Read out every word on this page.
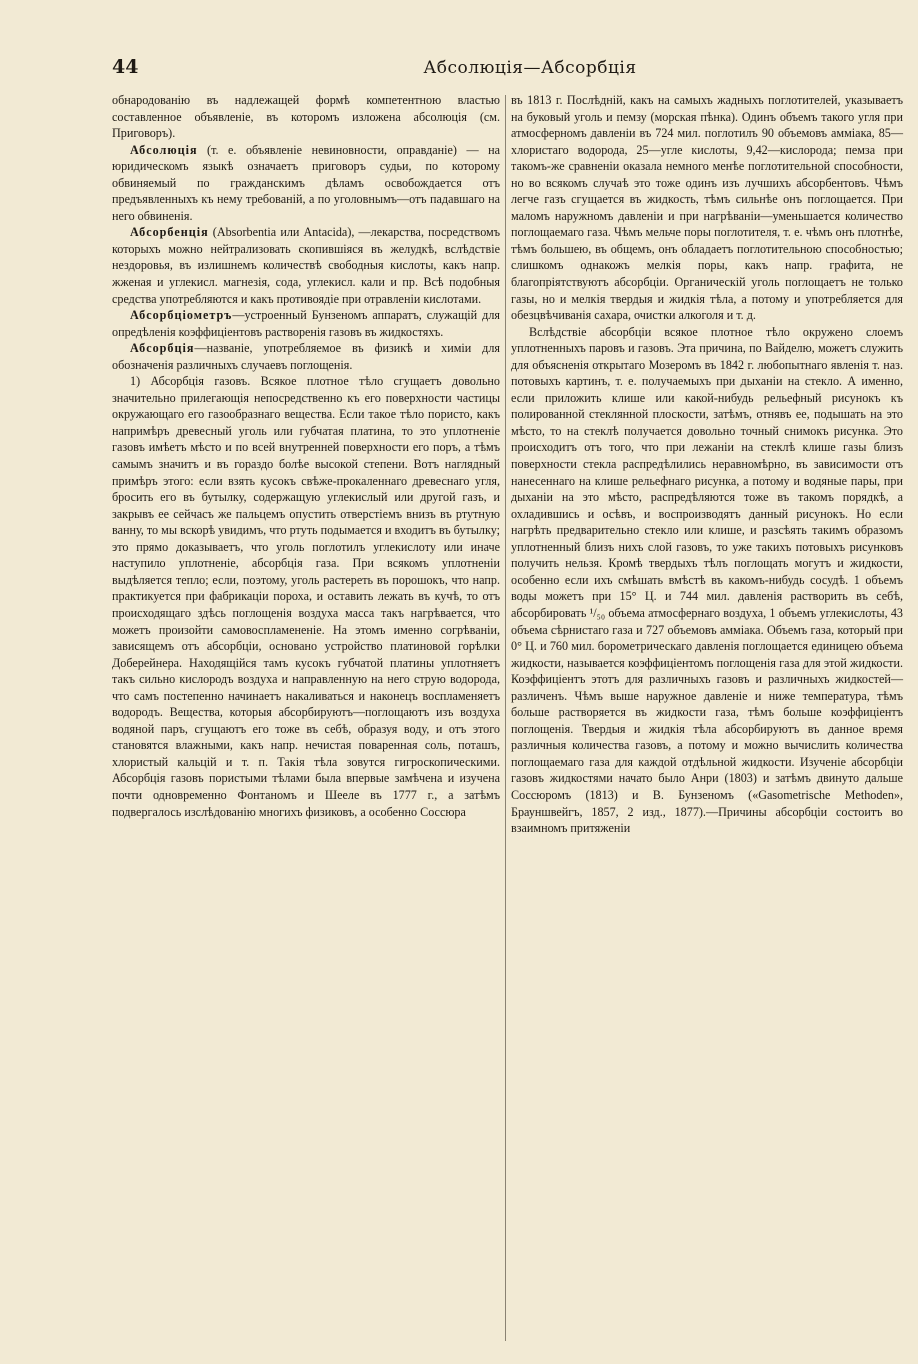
44	Абсолюція—Абсорбція

обнародованію въ надлежащей формѣ компетентною властью составленное объявленіе, въ которомъ изложена абсолюція (см. Приговоръ).

Абсолюція (т. е. объявленіе невиновности, оправданіе) — на юридическомъ языкѣ означаетъ приговоръ судьи, по которому обвиняемый по гражданскимъ дѣламъ освобождается отъ предъявленныхъ къ нему требованій, а по уголовнымъ—отъ падавшаго на него обвиненія.

Абсорбенція (Absorbentia или Antacida), —лекарства, посредствомъ которыхъ можно нейтрализовать скопившіяся въ желудкѣ, вслѣдствіе нездоровья, въ излишнемъ количествѣ свободныя кислоты, какъ напр. жженая и углекисл. магнезія, сода, углекисл. кали и пр. Всѣ подобныя средства употребляются и какъ противоядіе при отравленіи кислотами.

Абсорбціометръ—устроенный Бунзеномъ аппаратъ, служащій для опредѣленія коэффиціентовъ растворенія газовъ въ жидкостяхъ.

Абсорбція—названіе, употребляемое въ физикѣ и химіи для обозначенія различныхъ случаевъ поглощенія.

1) Абсорбція газовъ. Всякое плотное тѣло сгущаетъ довольно значительно прилегающія непосредственно къ его поверхности частицы окружающаго его газообразнаго вещества. Если такое тѣло пористо, какъ напримѣръ древесный уголь или губчатая платина, то это уплотненіе газовъ имѣетъ мѣсто и по всей внутренней поверхности его поръ, а тѣмъ самымъ значитъ и въ гораздо болѣе высокой степени. Вотъ наглядный примѣръ этого: если взять кусокъ свѣже-прокаленнаго древеснаго угля, бросить его въ бутылку, содержащую углекислый или другой газъ, и закрывъ ее сейчасъ же пальцемъ опустить отверстіемъ внизъ въ ртутную ванну, то мы вскорѣ увидимъ, что ртуть подымается и входитъ въ бутылку; это прямо доказываетъ, что уголь поглотилъ углекислоту или иначе наступило уплотненіе, абсорбція газа. При всякомъ уплотненіи выдѣляется тепло; если, поэтому, уголь растереть въ порошокъ, что напр. практикуется при фабрикаціи пороха, и оставить лежать въ кучѣ, то отъ происходящаго здѣсь поглощенія воздуха масса такъ нагрѣвается, что можетъ произойти самовоспламененіе. На этомъ именно согрѣваніи, зависящемъ отъ абсорбціи, основано устройство платиновой горѣлки Доберейнера. Находящійся тамъ кусокъ губчатой платины уплотняетъ такъ сильно кислородъ воздуха и направленную на него струю водорода, что самъ постепенно начинаетъ накаливаться и наконецъ воспламеняетъ водородъ. Вещества, которыя абсорбируютъ—поглощаютъ изъ воздуха водяной паръ, сгущаютъ его тоже въ себѣ, образуя воду, и отъ этого становятся влажными, какъ напр. нечистая поваренная соль, поташъ, хлористый кальцій и т. п. Такія тѣла зовутся гигроскопическими. Абсорбція газовъ пористыми тѣлами была впервые замѣчена и изучена почти одновременно Фонтаномъ и Шееле въ 1777 г., а затѣмъ подвергалось изслѣдованію многихъ физиковъ, а особенно Соссюра

въ 1813 г. Послѣдній, какъ на самыхъ жадныхъ поглотителей, указываетъ на буковый уголь и пемзу (морская пѣнка). Одинъ объемъ такого угля при атмосферномъ давленіи въ 724 мил. поглотилъ 90 объемовъ амміака, 85—хлористаго водорода, 25—угле кислоты, 9,42—кислорода; пемза при такомъ-же сравненіи оказала немного менѣе поглотительной способности, но во всякомъ случаѣ это тоже одинъ изъ лучшихъ абсорбентовъ. Чѣмъ легче газъ сгущается въ жидкость, тѣмъ сильнѣе онъ поглощается. При маломъ наружномъ давленіи и при нагрѣваніи—уменьшается количество поглощаемаго газа. Чѣмъ мельче поры поглотителя, т. е. чѣмъ онъ плотнѣе, тѣмъ большею, въ общемъ, онъ обладаетъ поглотительною способностью; слишкомъ однакожъ мелкія поры, какъ напр. графита, не благопріятствуютъ абсорбціи. Органическій уголь поглощаетъ не только газы, но и мелкія твердыя и жидкія тѣла, а потому и употребляется для обезцвѣчиванія сахара, очистки алкоголя и т. д.

Вслѣдствіе абсорбціи всякое плотное тѣло окружено слоемъ уплотненныхъ паровъ и газовъ. Эта причина, по Вайделю, можетъ служить для объясненія открытаго Мозеромъ въ 1842 г. любопытнаго явленія т. наз. потовыхъ картинъ, т. е. получаемыхъ при дыханіи на стекло. А именно, если приложить клише или какой-нибудь рельефный рисунокъ къ полированной стеклянной плоскости, затѣмъ, отнявъ ее, подышать на это мѣсто, то на стеклѣ получается довольно точный снимокъ рисунка. Это происходитъ отъ того, что при лежаніи на стеклѣ клише газы близъ поверхности стекла распредѣлились неравномѣрно, въ зависимости отъ нанесеннаго на клише рельефнаго рисунка, а потому и водяные пары, при дыханіи на это мѣсто, распредѣляются тоже въ такомъ порядкѣ, а охладившись и осѣвъ, и воспроизводятъ данный рисунокъ. Но если нагрѣть предварительно стекло или клише, и разсѣять такимъ образомъ уплотненный близъ нихъ слой газовъ, то уже такихъ потовыхъ рисунковъ получить нельзя. Кромѣ твердыхъ тѣлъ поглощать могутъ и жидкости, особенно если ихъ смѣшать вмѣстѣ въ какомъ-нибудь сосудѣ. 1 объемъ воды можетъ при 15° Ц. и 744 мил. давленія растворить въ себѣ, абсорбировать ¹/₅₀ объема атмосфернаго воздуха, 1 объемъ углекислоты, 43 объема сѣрнистаго газа и 727 объемовъ амміака. Объемъ газа, который при 0° Ц. и 760 мил. борометрическаго давленія поглощается единицею объема жидкости, называется коэффиціентомъ поглощенія газа для этой жидкости. Коэффиціентъ этотъ для различныхъ газовъ и различныхъ жидкостей—различенъ. Чѣмъ выше наружное давленіе и ниже температура, тѣмъ больше растворяется въ жидкости газа, тѣмъ больше коэффиціентъ поглощенія. Твердыя и жидкія тѣла абсорбируютъ въ данное время различныя количества газовъ, а потому и можно вычислить количества поглощаемаго газа для каждой отдѣльной жидкости. Изученіе абсорбціи газовъ жидкостями начато было Анри (1803) и затѣмъ двинуто дальше Соссюромъ (1813) и В. Бунзеномъ («Gasometrische Methoden», Брауншвейгъ, 1857, 2 изд., 1877).—Причины абсорбціи состоитъ во взаимномъ притяженіи
